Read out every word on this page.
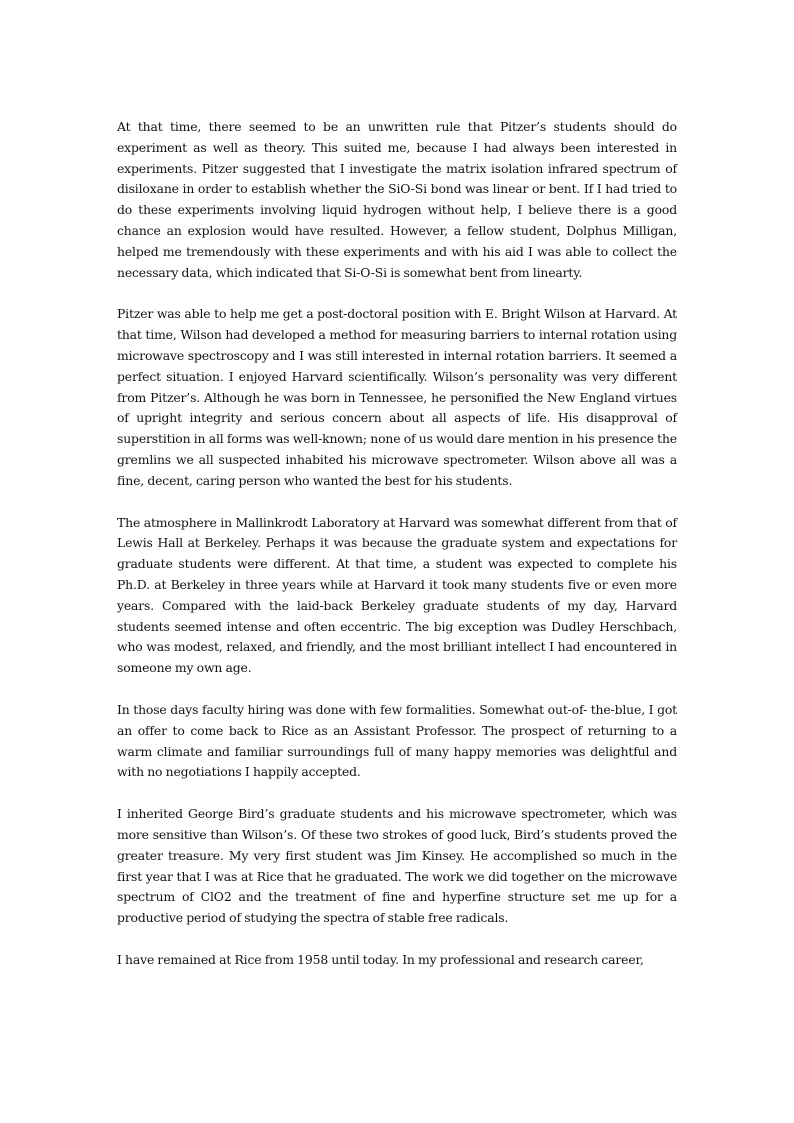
At that time, there seemed to be an unwritten rule that Pitzer’s students should do experiment as well as theory. This suited me, because I had always been interested in experiments. Pitzer suggested that I investigate the matrix isolation infrared spectrum of disiloxane in order to establish whether the SiO-Si bond was linear or bent. If I had tried to do these experiments involving liquid hydrogen without help, I believe there is a good chance an explosion would have resulted. However, a fellow student, Dolphus Milligan, helped me tremendously with these experiments and with his aid I was able to collect the necessary data, which indicated that Si-O-Si is somewhat bent from linearty.

Pitzer was able to help me get a post-doctoral position with E. Bright Wilson at Harvard. At that time, Wilson had developed a method for measuring barriers to internal rotation using microwave spectroscopy and I was still interested in internal rotation barriers. It seemed a perfect situation. I enjoyed Harvard scientifically. Wilson’s personality was very different from Pitzer’s. Although he was born in Tennessee, he personified the New England virtues of upright integrity and serious concern about all aspects of life. His disapproval of superstition in all forms was well-known; none of us would dare mention in his presence the gremlins we all suspected inhabited his microwave spectrometer. Wilson above all was a fine, decent, caring person who wanted the best for his students.

The atmosphere in Mallinkrodt Laboratory at Harvard was somewhat different from that of Lewis Hall at Berkeley. Perhaps it was because the graduate system and expectations for graduate students were different. At that time, a student was expected to complete his Ph.D. at Berkeley in three years while at Harvard it took many students five or even more years. Compared with the laid-back Berkeley graduate students of my day, Harvard students seemed intense and often eccentric. The big exception was Dudley Herschbach, who was modest, relaxed, and friendly, and the most brilliant intellect I had encountered in someone my own age.

In those days faculty hiring was done with few formalities. Somewhat out-of- the-blue, I got an offer to come back to Rice as an Assistant Professor. The prospect of returning to a warm climate and familiar surroundings full of many happy memories was delightful and with no negotiations I happily accepted.

I inherited George Bird’s graduate students and his microwave spectrometer, which was more sensitive than Wilson’s. Of these two strokes of good luck, Bird’s students proved the greater treasure. My very first student was Jim Kinsey. He accomplished so much in the first year that I was at Rice that he graduated. The work we did together on the microwave spectrum of ClO2 and the treatment of fine and hyperfine structure set me up for a productive period of studying the spectra of stable free radicals.

I have remained at Rice from 1958 until today. In my professional and research career,
